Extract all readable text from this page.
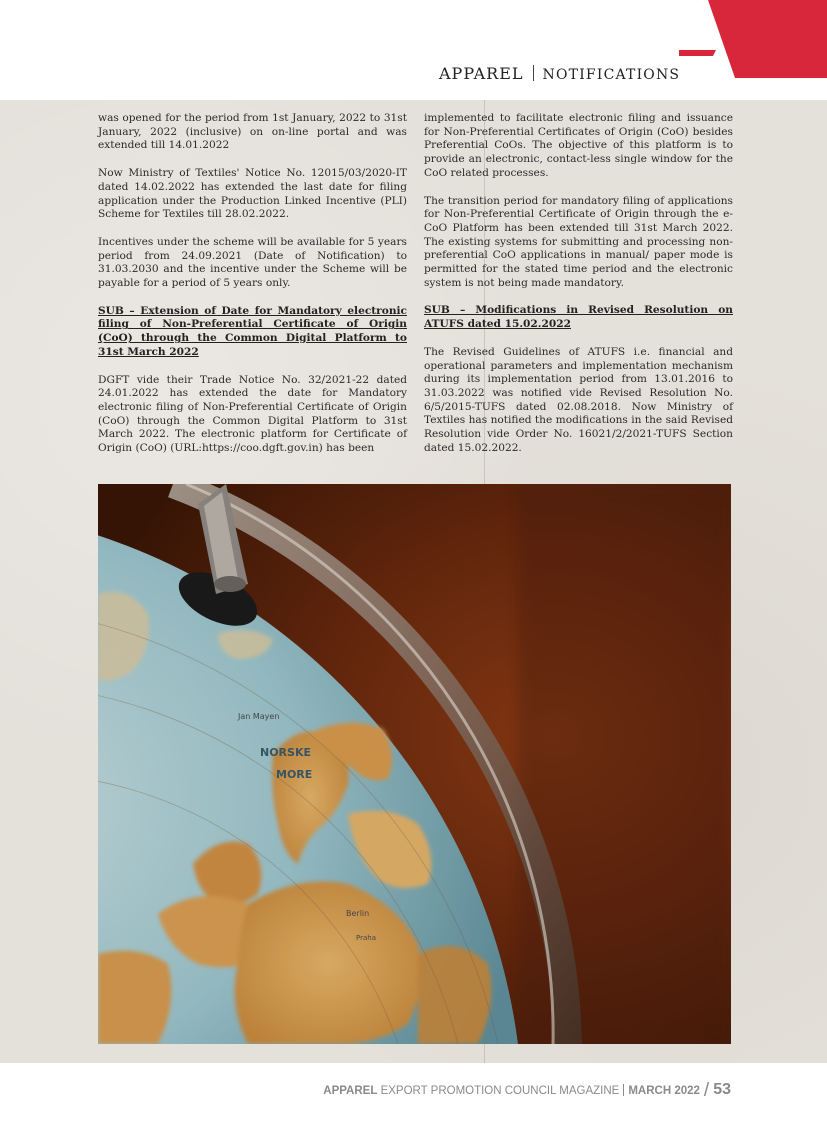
APPAREL NOTIFICATIONS

was opened for the period from 1st January, 2022 to 31st January, 2022 (inclusive) on on-line portal and was extended till 14.01.2022

Now Ministry of Textiles' Notice No. 12015/03/2020-IT dated 14.02.2022 has extended the last date for filing application under the Production Linked Incentive (PLI) Scheme for Textiles till 28.02.2022.

Incentives under the scheme will be available for 5 years period from 24.09.2021 (Date of Notification) to 31.03.2030 and the incentive under the Scheme will be payable for a period of 5 years only.

SUB – Extension of Date for Mandatory electronic filing of Non-Preferential Certificate of Origin (CoO) through the Common Digital Platform to 31st March 2022

DGFT vide their Trade Notice No. 32/2021-22 dated 24.01.2022 has extended the date for Mandatory electronic filing of Non-Preferential Certificate of Origin (CoO) through the Common Digital Platform to 31st March 2022. The electronic platform for Certificate of Origin (CoO) (URL:https://coo.dgft.gov.in) has been

implemented to facilitate electronic filing and issuance for Non-Preferential Certificates of Origin (CoO) besides Preferential CoOs. The objective of this platform is to provide an electronic, contact-less single window for the CoO related processes.

The transition period for mandatory filing of applications for Non-Preferential Certificate of Origin through the e-CoO Platform has been extended till 31st March 2022. The existing systems for submitting and processing non-preferential CoO applications in manual/ paper mode is permitted for the stated time period and the electronic system is not being made mandatory.

SUB – Modifications in Revised Resolution on ATUFS dated 15.02.2022

The Revised Guidelines of ATUFS i.e. financial and operational parameters and implementation mechanism during its implementation period from 13.01.2016 to 31.03.2022 was notified vide Revised Resolution No. 6/5/2015-TUFS dated 02.08.2018. Now Ministry of Textiles has notified the modifications in the said Revised Resolution vide Order No. 16021/2/2021-TUFS Section dated 15.02.2022.

Jan Mayen
NORSKE
MORE
Berlin
Praha
APPAREL EXPORT PROMOTION COUNCIL MAGAZINE MARCH 2022 / 53
